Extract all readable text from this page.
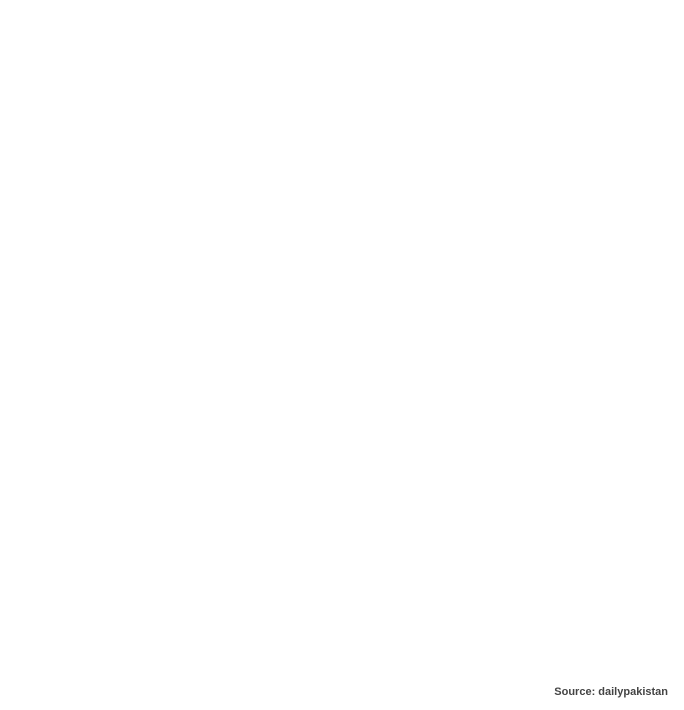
Source: dailypakistan
